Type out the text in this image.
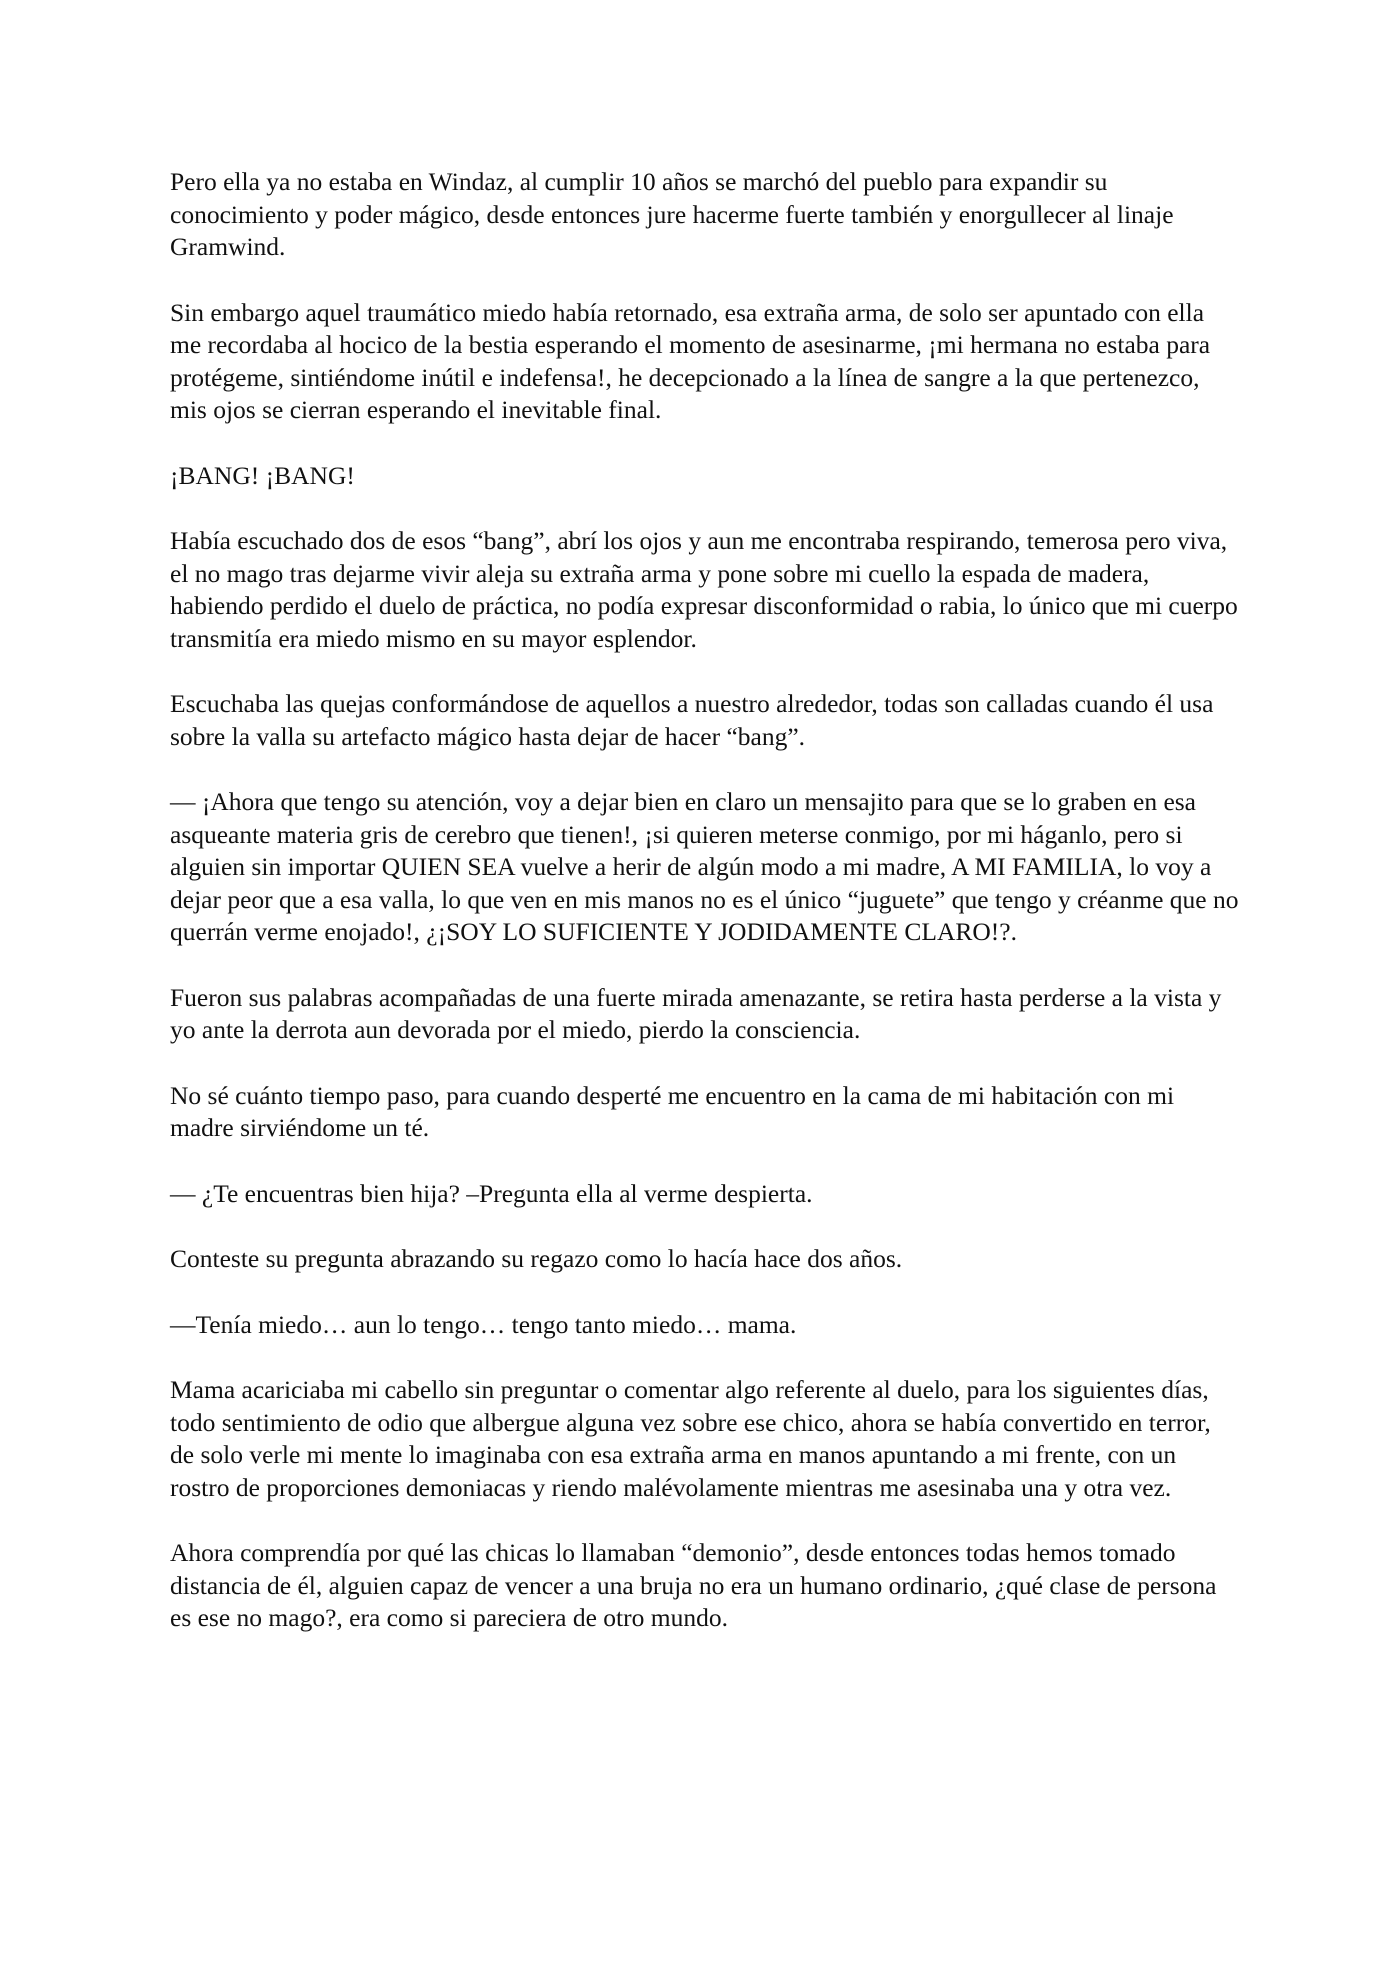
Pero ella ya no estaba en Windaz, al cumplir 10 años se marchó del pueblo para expandir su conocimiento y poder mágico, desde entonces jure hacerme fuerte también y enorgullecer al linaje Gramwind.

Sin embargo aquel traumático miedo había retornado, esa extraña arma, de solo ser apuntado con ella me recordaba al hocico de la bestia esperando el momento de asesinarme, ¡mi hermana no estaba para protégeme, sintiéndome inútil e indefensa!, he decepcionado a la línea de sangre a la que pertenezco, mis ojos se cierran esperando el inevitable final.

¡BANG! ¡BANG!

Había escuchado dos de esos “bang”, abrí los ojos y aun me encontraba respirando, temerosa pero viva, el no mago tras dejarme vivir aleja su extraña arma y pone sobre mi cuello la espada de madera, habiendo perdido el duelo de práctica, no podía expresar disconformidad o rabia, lo único que mi cuerpo transmitía era miedo mismo en su mayor esplendor.

Escuchaba las quejas conformándose de aquellos a nuestro alrededor, todas son calladas cuando él usa sobre la valla su artefacto mágico hasta dejar de hacer “bang”.

— ¡Ahora que tengo su atención, voy a dejar bien en claro un mensajito para que se lo graben en esa asqueante materia gris de cerebro que tienen!, ¡si quieren meterse conmigo, por mi háganlo, pero si alguien sin importar QUIEN SEA vuelve a herir de algún modo a mi madre, A MI FAMILIA, lo voy a dejar peor que a esa valla, lo que ven en mis manos no es el único “juguete” que tengo y créanme que no querrán verme enojado!, ¿¡SOY LO SUFICIENTE Y JODIDAMENTE CLARO!?.

Fueron sus palabras acompañadas de una fuerte mirada amenazante, se retira hasta perderse a la vista y yo ante la derrota aun devorada por el miedo, pierdo la consciencia.

No sé cuánto tiempo paso, para cuando desperté me encuentro en la cama de mi habitación con mi madre sirviéndome un té.

— ¿Te encuentras bien hija? –Pregunta ella al verme despierta.

Conteste su pregunta abrazando su regazo como lo hacía hace dos años.

—Tenía miedo… aun lo tengo… tengo tanto miedo… mama.

Mama acariciaba mi cabello sin preguntar o comentar algo referente al duelo, para los siguientes días, todo sentimiento de odio que albergue alguna vez sobre ese chico, ahora se había convertido en terror, de solo verle mi mente lo imaginaba con esa extraña arma en manos apuntando a mi frente, con un rostro de proporciones demoniacas y riendo malévolamente mientras me asesinaba una y otra vez.

Ahora comprendía por qué las chicas lo llamaban “demonio”, desde entonces todas hemos tomado distancia de él, alguien capaz de vencer a una bruja no era un humano ordinario, ¿qué clase de persona es ese no mago?, era como si pareciera de otro mundo.
